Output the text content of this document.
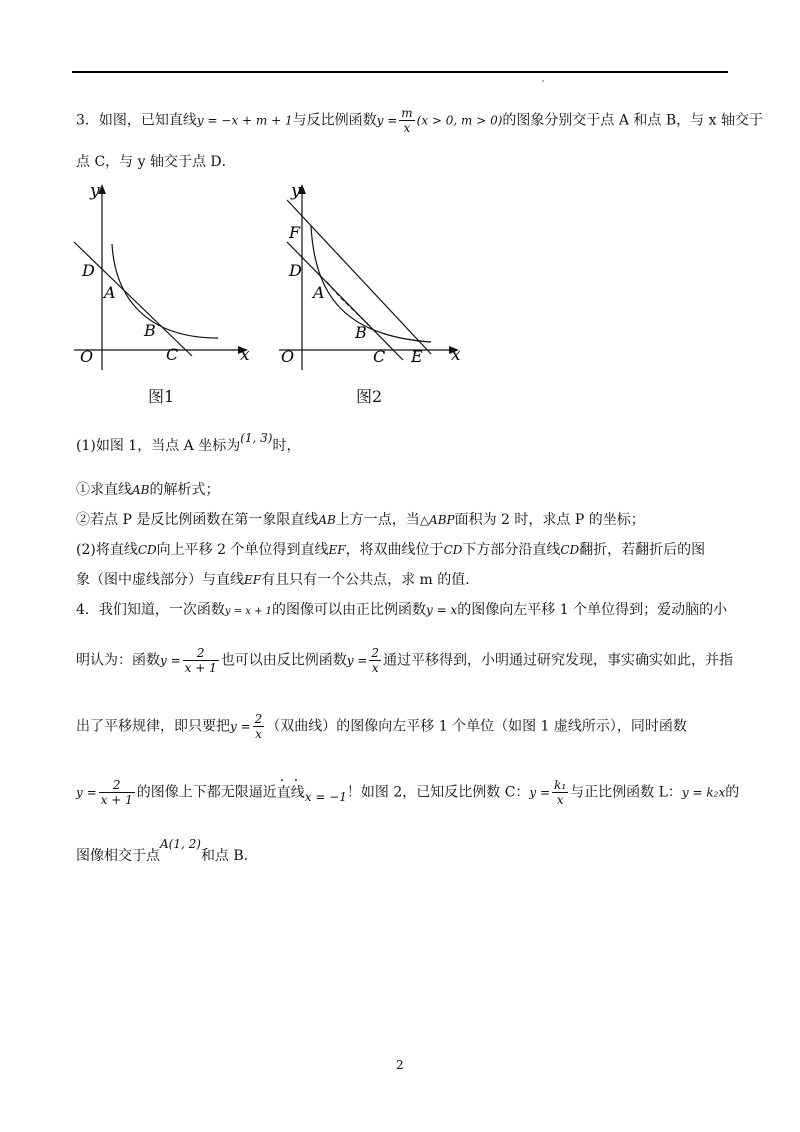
3．如图，已知直线y = −x + m + 1与反比例函数$y = \frac{m}{x} (x > 0$, m > 0)的图象分别交于点 A 和点 B，与 x 轴交于
点 C，与 y 轴交于点 D．
y
x
O
D
A
B
C
图1
y
x
O
F
D
A
B
C E
图2
(1)如图 1，当点 A 坐标为(1, 3)时，
①求直线AB的解析式；
②若点 P 是反比例函数在第一象限直线AB上方一点，当△ABP面积为 2 时，求点 P 的坐标；
(2)将直线CD向上平移 2 个单位得到直线EF，将双曲线位于CD下方部分沿直线CD翻折，若翻折后的图
象（图中虚线部分）与直线EF有且只有一个公共点，求 m 的值．
4．我们知道，一次函数y = x + 1的图像可以由正比例函数y = x的图像向左平移 1 个单位得到；爱动脑的小
明认为：函数$y = \frac{2}{x + 1}$ 也可以由反比例函数$y = \frac{2}{x}$ 通过平移得到，小明通过研究发现，事实确实如此，并指
出了平移规律，即只要把$y = \frac{2}{x}$ （双曲线）的图像向左平移 1 个单位（如图 1 虚线所示），同时函数
$y = \frac{2}{x + 1}$ 的图像上下都无限逼近直线x = −1！如图 2，已知反比例数 C：$y = \frac{\text{k₁}}{x}$ 与正比例函数 L：y = k₂x的
图像相交于点A(1, 2)和点 B．
2
